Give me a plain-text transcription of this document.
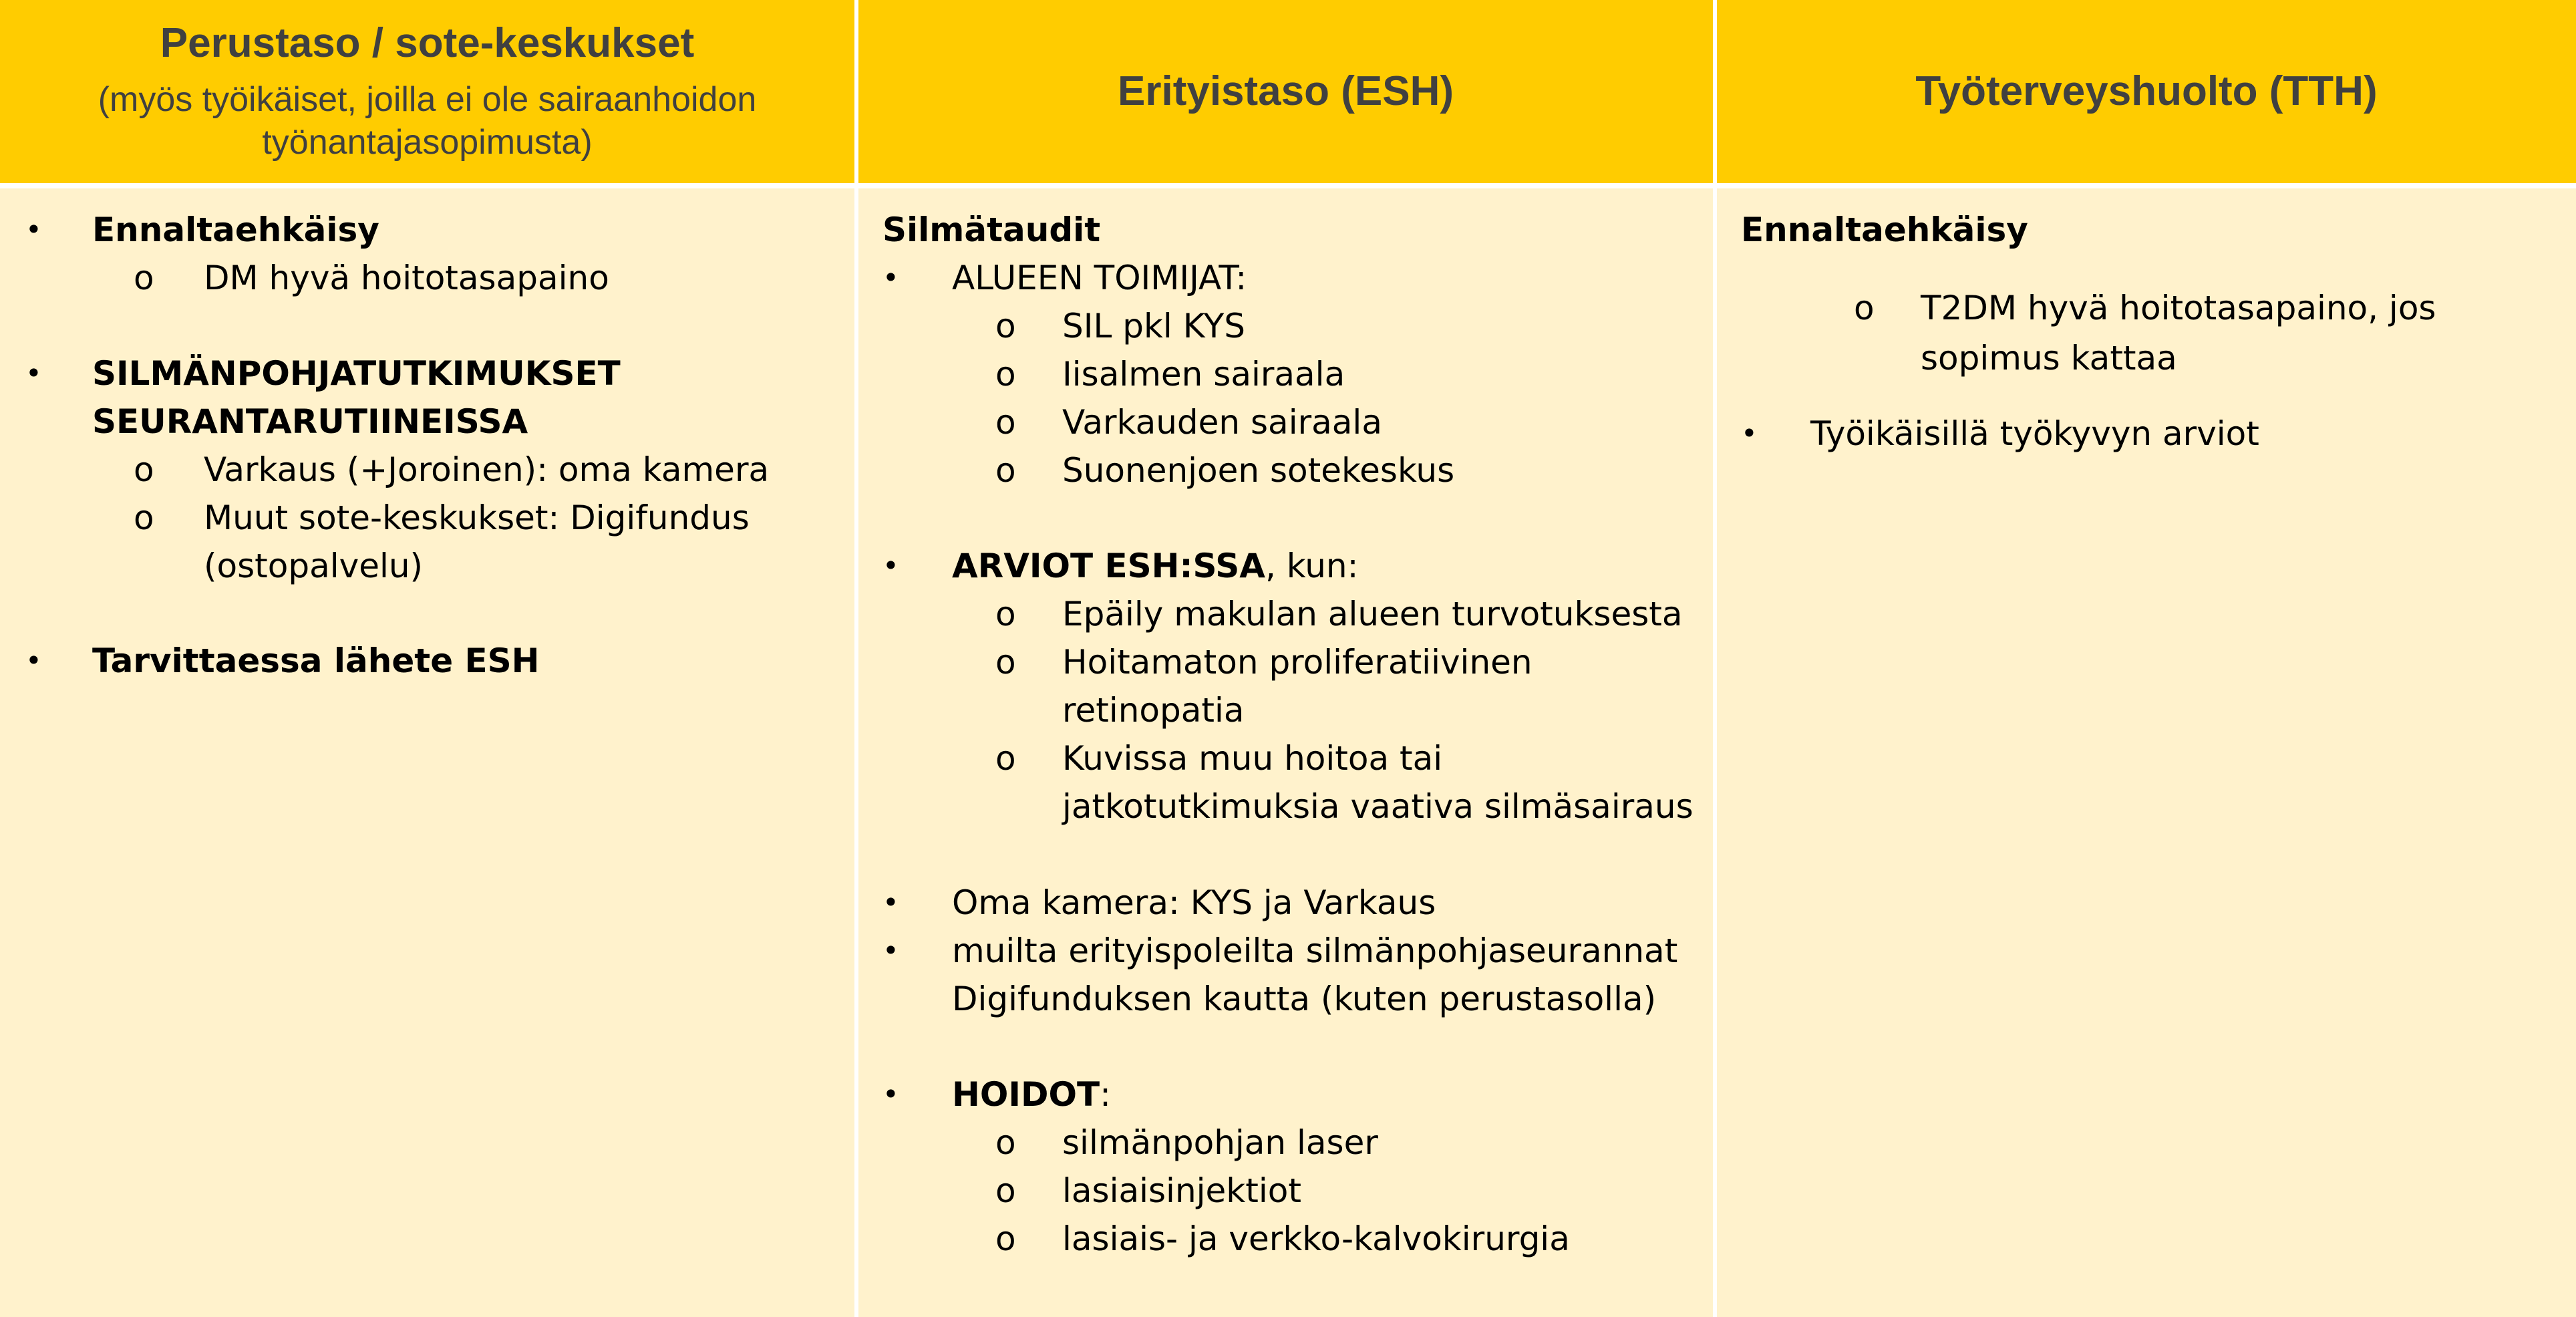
Perustaso / sote-keskukset
(myös työikäiset, joilla ei ole sairaanhoidon
työnantajasopimusta)
Erityistaso (ESH)	Työterveyshuolto (TTH)
• Ennaltaehkäisy
o DM hyvä hoitotasapaino
• SILMÄNPOHJATUTKIMUKSET
SEURANTARUTIINEISSA
o Varkaus (+Joroinen): oma kamera
o Muut sote-keskukset: Digifundus
(ostopalvelu)
• Tarvittaessa lähete ESH
Silmätaudit
• ALUEEN TOIMIJAT:
o SIL pkl KYS
o Iisalmen sairaala
o Varkauden sairaala
o Suonenjoen sotekeskus
• ARVIOT ESH:SSA, kun:
o Epäily makulan alueen turvotuksesta
o Hoitamaton proliferatiivinen
retinopatia
o Kuvissa muu hoitoa tai
jatkotutkimuksia vaativa silmäsairaus
• Oma kamera: KYS ja Varkaus
• muilta erityispoleilta silmänpohjaseurannat
Digifunduksen kautta (kuten perustasolla)
• HOIDOT:
o silmänpohjan laser
o lasiaisinjektiot
o lasiais- ja verkko-kalvokirurgia
Ennaltaehkäisy
o T2DM hyvä hoitotasapaino, jos
sopimus kattaa
• Työikäisillä työkyvyn arviot
